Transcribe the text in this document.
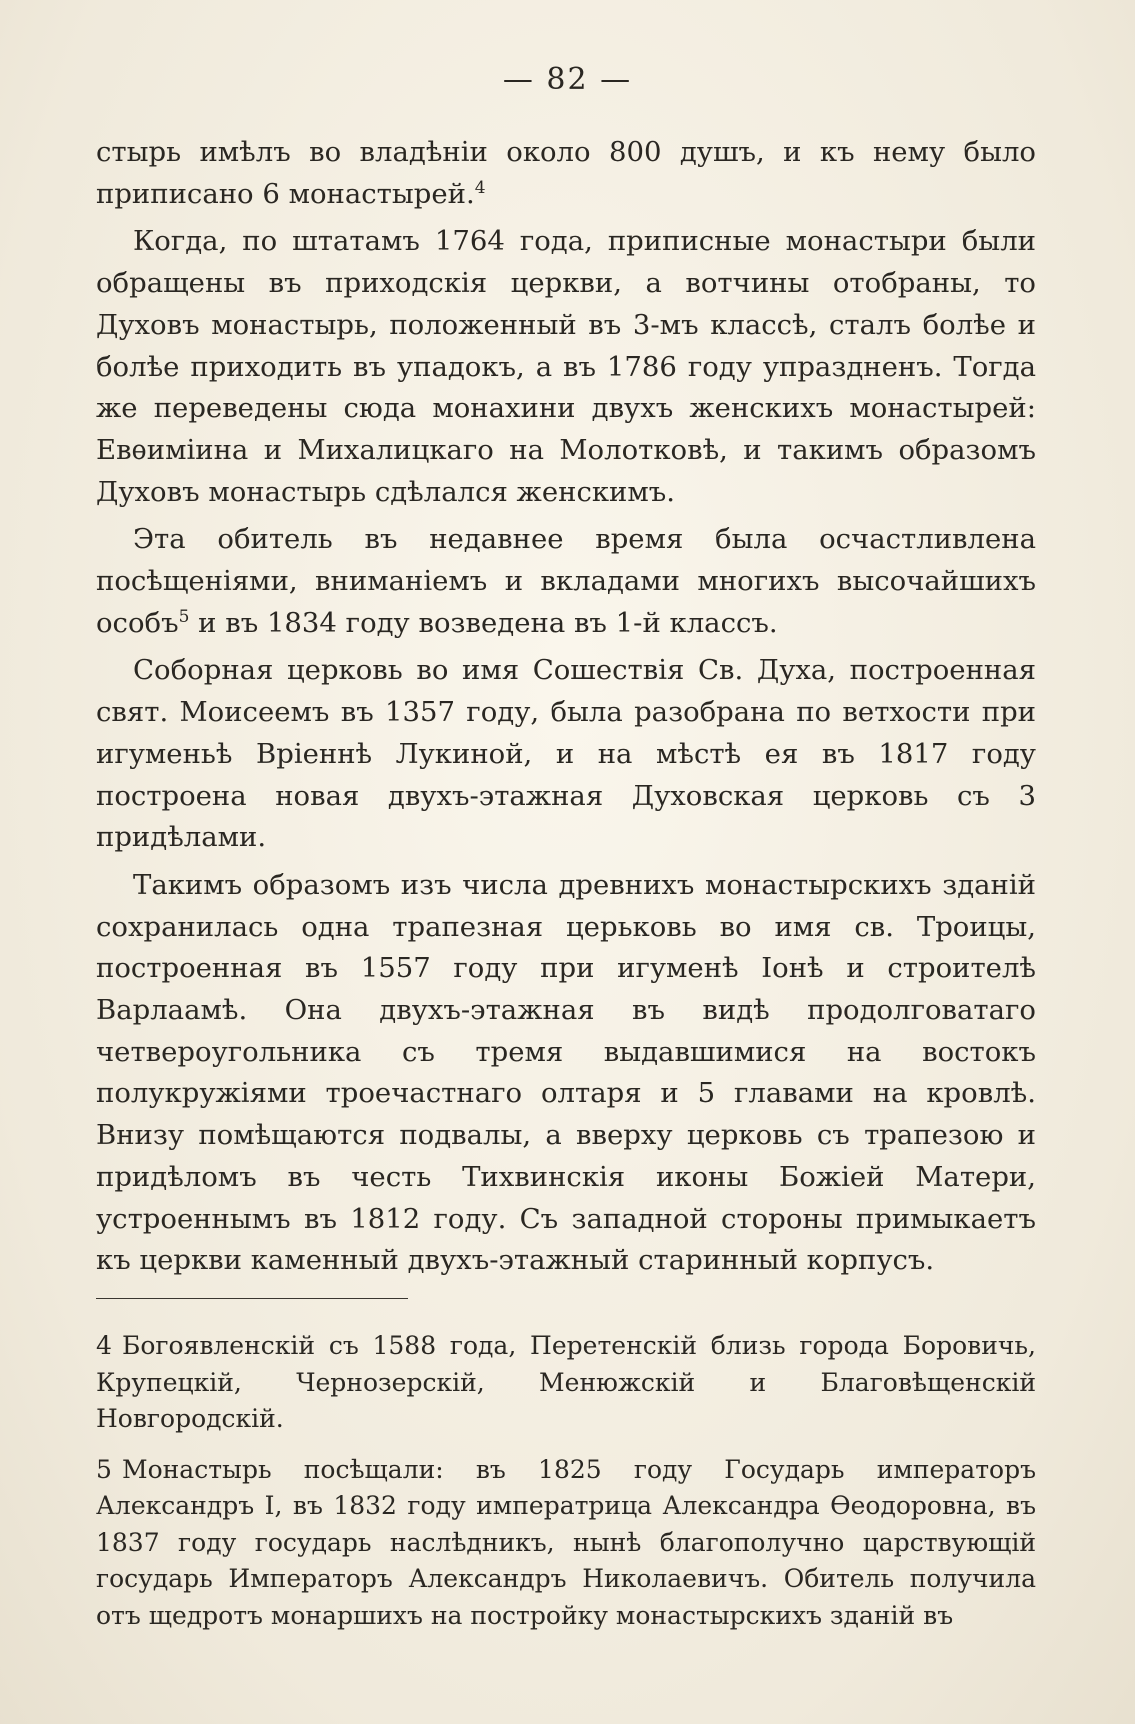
— 82 —

стырь имѣлъ во владѣніи около 800 душъ, и къ нему было приписано 6 монастырей.$^4$

Когда, по штатамъ 1764 года, приписные монастыри были обращены въ приходскія церкви, а вотчины отобраны, то Духовъ монастырь, положенный въ 3-мъ классѣ, сталъ болѣе и болѣе приходить въ упадокъ, а въ 1786 году упраздненъ. Тогда же переведены сюда монахини двухъ женскихъ монастырей: Евѳиміина и Михалицкаго на Молотковѣ, и такимъ образомъ Духовъ монастырь сдѣлался женскимъ.

Эта обитель въ недавнее время была осчастливлена посѣщеніями, вниманіемъ и вкладами многихъ высочайшихъ особъ$^5$ и въ 1834 году возведена въ 1-й классъ.

Соборная церковь во имя Сошествія Св. Духа, построенная свят. Моисеемъ въ 1357 году, была разобрана по ветхости при игуменьѣ Вріеннѣ Лукиной, и на мѣстѣ ея въ 1817 году построена новая двухъ-этажная Духовская церковь съ 3 придѣлами.

Такимъ образомъ изъ числа древнихъ монастырскихъ зданій сохранилась одна трапезная церьковь во имя св. Троицы, построенная въ 1557 году при игуменѣ Іонѣ и строителѣ Варлаамѣ. Она двухъ-этажная въ видѣ продолговатаго четвероугольника съ тремя выдавшимися на востокъ полукружіями троечастнаго олтаря и 5 главами на кровлѣ. Внизу помѣщаются подвалы, а вверху церковь съ трапезою и придѣломъ въ честь Тихвинскія иконы Божіей Матери, устроеннымъ въ 1812 году. Съ западной стороны примыкаетъ къ церкви каменный двухъ-этажный старинный корпусъ.

4 Богоявленскій съ 1588 года, Перетенскій близь города Боровичь, Крупецкій, Чернозерскій, Менюжскій и Благовѣщенскій Новгородскій.

5 Монастырь посѣщали: въ 1825 году Государь императоръ Александръ I, въ 1832 году императрица Александра Ѳеодоровна, въ 1837 году государь наслѣдникъ, нынѣ благополучно царствующій государь Императоръ Александръ Николаевичъ. Обитель получила отъ щедротъ монаршихъ на постройку монастырскихъ зданій въ
